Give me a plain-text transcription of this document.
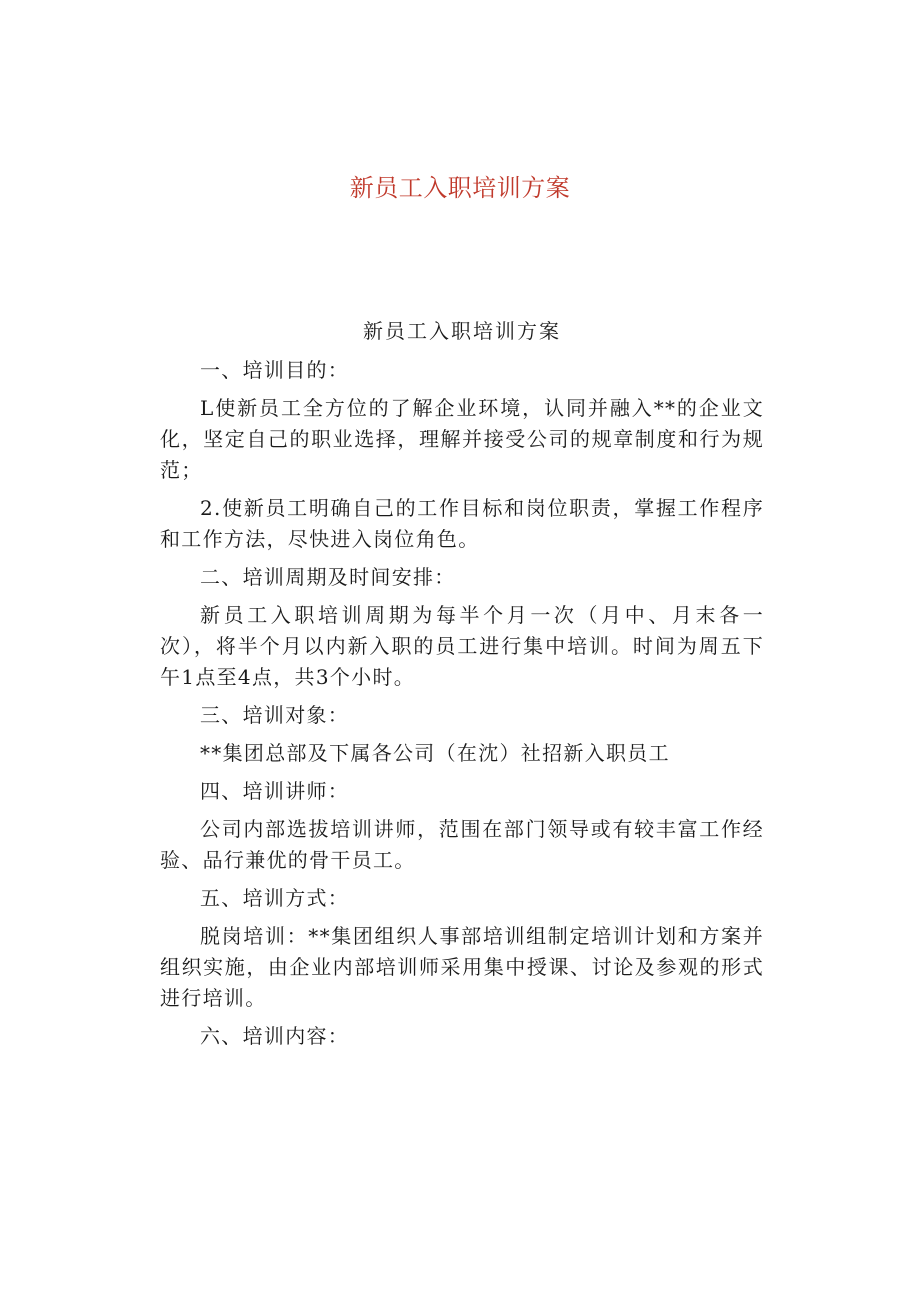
新员工入职培训方案
新员工入职培训方案
一、培训目的：
L使新员工全方位的了解企业环境，认同并融入**的企业文化，坚定自己的职业选择，理解并接受公司的规章制度和行为规范；
2.使新员工明确自己的工作目标和岗位职责，掌握工作程序和工作方法，尽快进入岗位角色。
二、培训周期及时间安排：
新员工入职培训周期为每半个月一次（月中、月末各一次），将半个月以内新入职的员工进行集中培训。时间为周五下午1点至4点，共3个小时。
三、培训对象：
**集团总部及下属各公司（在沈）社招新入职员工
四、培训讲师：
公司内部选拔培训讲师，范围在部门领导或有较丰富工作经验、品行兼优的骨干员工。
五、培训方式：
脱岗培训：**集团组织人事部培训组制定培训计划和方案并组织实施，由企业内部培训师采用集中授课、讨论及参观的形式进行培训。
六、培训内容：
